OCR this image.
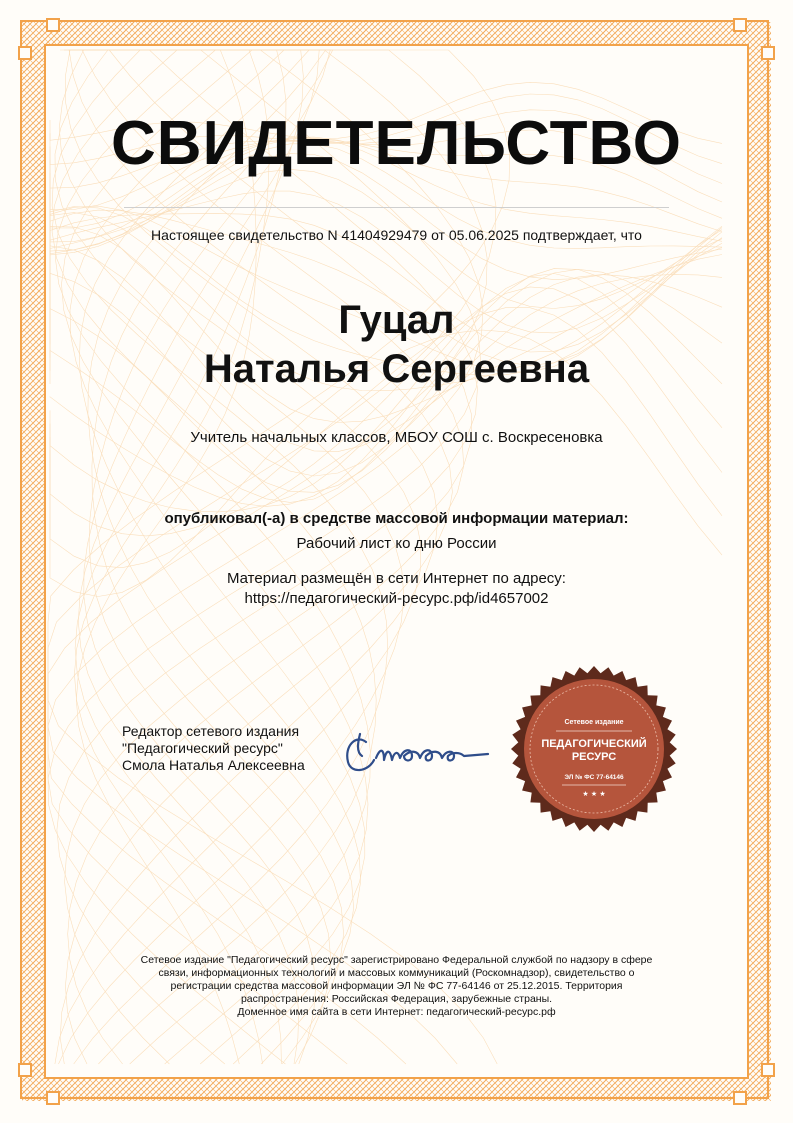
СВИДЕТЕЛЬСТВО
Настоящее свидетельство N 41404929479 от 05.06.2025 подтверждает, что
Гуцал
Наталья Сергеевна
Учитель начальных классов, МБОУ СОШ с. Воскресеновка
опубликовал(-а) в средстве массовой информации материал:
Рабочий лист ко дню России
Материал размещён в сети Интернет по адресу:
https://педагогический-ресурс.рф/id4657002
Редактор сетевого издания
"Педагогический ресурс"
Смола Наталья Алексеевна
Сетевое издание
ПЕДАГОГИЧЕСКИЙ
РЕСУРС
ЭЛ № ФС 77-64146
★ ★ ★
Сетевое издание "Педагогический ресурс" зарегистрировано Федеральной службой по надзору в сфере
связи, информационных технологий и массовых коммуникаций (Роскомнадзор), свидетельство о
регистрации средства массовой информации ЭЛ № ФС 77-64146 от 25.12.2015. Территория
распространения: Российская Федерация, зарубежные страны.
Доменное имя сайта в сети Интернет: педагогический-ресурс.рф
